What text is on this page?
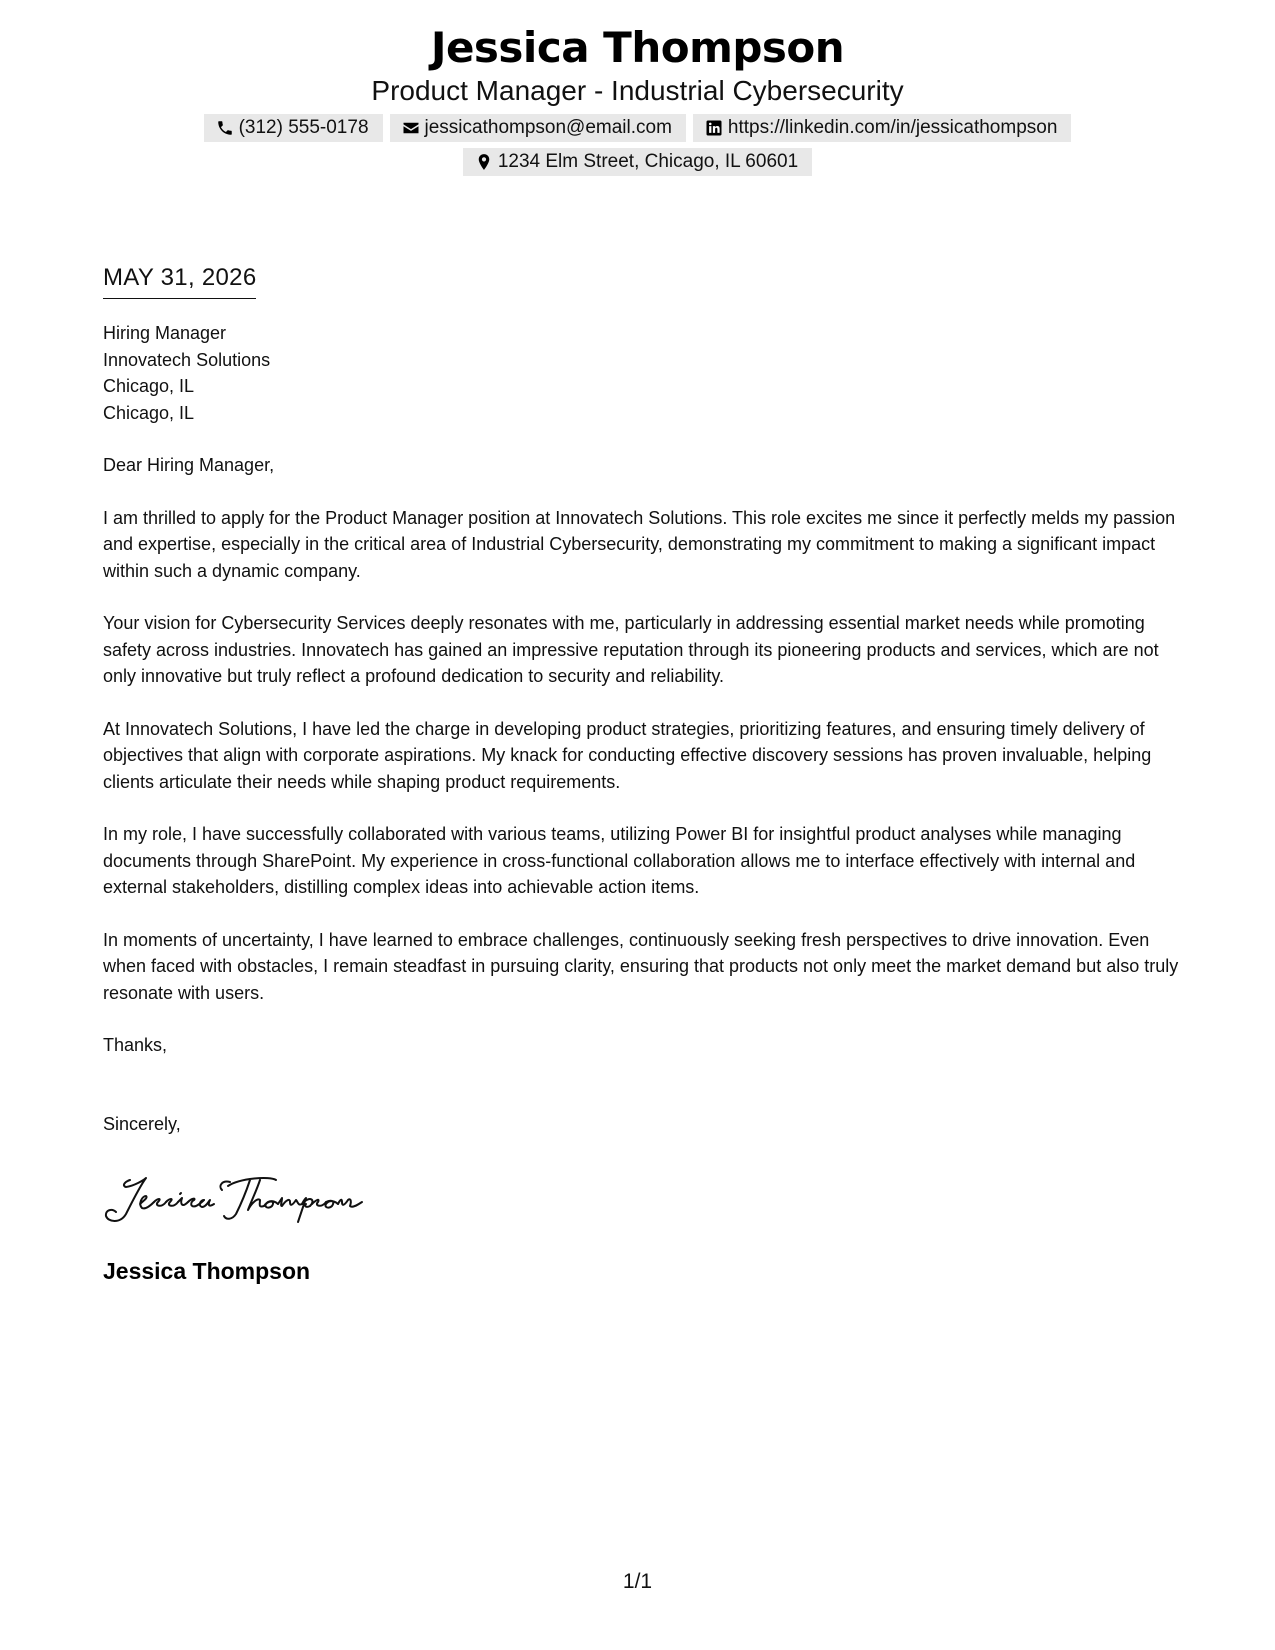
Jessica Thompson
Product Manager - Industrial Cybersecurity
(312) 555-0178	jessicathompson@email.com	https://linkedin.com/in/jessicathompson
1234 Elm Street, Chicago, IL 60601
MAY 31, 2026
Hiring Manager
Innovatech Solutions
Chicago, IL
Chicago, IL

Dear Hiring Manager,

I am thrilled to apply for the Product Manager position at Innovatech Solutions. This role excites me since it perfectly melds my passion and expertise, especially in the critical area of Industrial Cybersecurity, demonstrating my commitment to making a significant impact within such a dynamic company.

Your vision for Cybersecurity Services deeply resonates with me, particularly in addressing essential market needs while promoting safety across industries. Innovatech has gained an impressive reputation through its pioneering products and services, which are not only innovative but truly reflect a profound dedication to security and reliability.

At Innovatech Solutions, I have led the charge in developing product strategies, prioritizing features, and ensuring timely delivery of objectives that align with corporate aspirations. My knack for conducting effective discovery sessions has proven invaluable, helping clients articulate their needs while shaping product requirements.

In my role, I have successfully collaborated with various teams, utilizing Power BI for insightful product analyses while managing documents through SharePoint. My experience in cross-functional collaboration allows me to interface effectively with internal and external stakeholders, distilling complex ideas into achievable action items.

In moments of uncertainty, I have learned to embrace challenges, continuously seeking fresh perspectives to drive innovation. Even when faced with obstacles, I remain steadfast in pursuing clarity, ensuring that products not only meet the market demand but also truly resonate with users.

Thanks,

Sincerely,

Jessica Thompson
1/1
